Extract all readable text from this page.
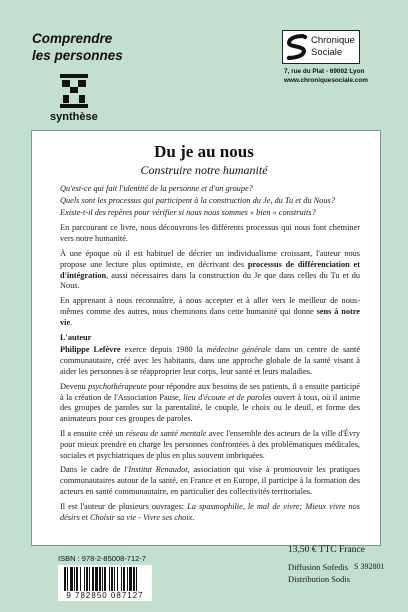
Comprendre
les personnes
synthèse
Chronique
Sociale
7, rue du Plat - 69002 Lyon
www.chroniquesociale.com
Du je au nous
Construire notre humanité

Qu'est-ce qui fait l'identité de la personne et d'un groupe?

Quels sont les processus qui participent à la construction du Je, du Tu et du Nous?

Existe-t-il des repères pour vérifier si nous nous sommes « bien » construits?

En parcourant ce livre, nous découvrons les différents processus qui nous font cheminer vers notre humanité.

À une époque où il est habituel de décrier un individualisme croissant, l'auteur nous propose une lecture plus optimiste, en décrivant des processus de différenciation et d'intégration, aussi nécessaires dans la construction du Je que dans celles du Tu et du Nous.

En apprenant à nous reconnaître, à nous accepter et à aller vers le meilleur de nous-mêmes comme des autres, nous cheminons dans cette humanité qui donne sens à notre vie.

L'auteur

Philippe Lefèvre exerce depuis 1980 la médecine générale dans un centre de santé communautaire, créé avec les habitants, dans une approche globale de la santé visant à aider les personnes à se réapproprier leur corps, leur santé et leurs maladies.

Devenu psychothérapeute pour répondre aux besoins de ses patients, il a ensuite participé à la création de l'Association Pause, lieu d'écoute et de paroles ouvert à tous, où il anime des groupes de paroles sur la parentalité, le couple, le choix ou le deuil, et forme des animateurs pour ces groupes de paroles.

Il a ensuite créé un réseau de santé mentale avec l'ensemble des acteurs de la ville d'Évry pour mieux prendre en charge les personnes confrontées à des problématiques médicales, sociales et psychiatriques de plus en plus souvent imbriquées.

Dans le cadre de l'Institut Renaudot, association qui vise à promouvoir les pratiques communautaires autour de la santé, en France et en Europe, il participe à la formation des acteurs en santé communautaire, en particulier des collectivités territoriales.

Il est l'auteur de plusieurs ouvrages: La spasmophilie, le mal de vivre; Mieux vivre nos désirs et Choisir sa vie - Vivre ses choix.

ISBN : 978-2-85008-712-7
9 782850 087127
13,50 € TTC France
Diffusion Sofedis
Distribution Sodis
S 392801
